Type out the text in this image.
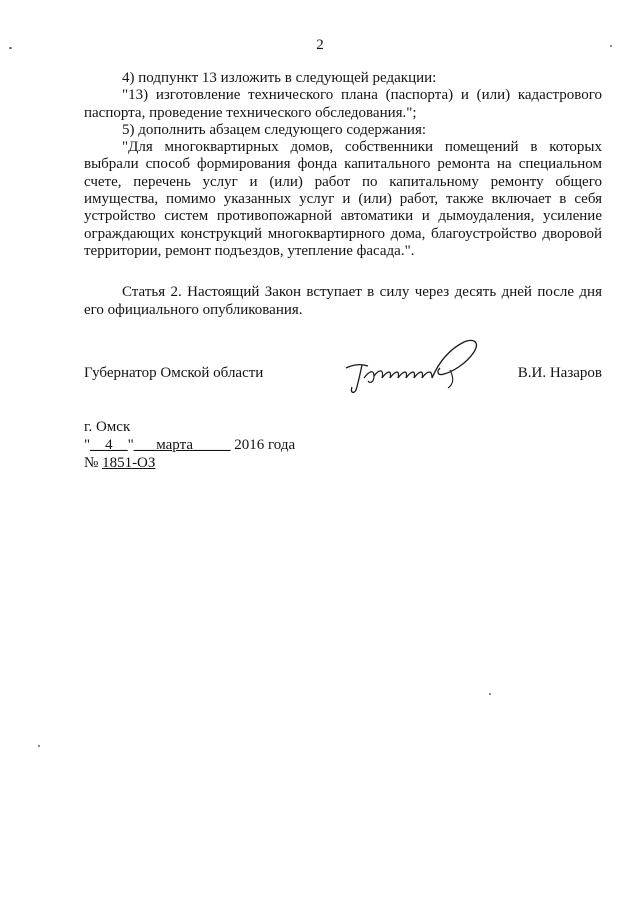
2

4) подпункт 13 изложить в следующей редакции:

"13) изготовление технического плана (паспорта) и (или) кадастрового паспорта, проведение технического обследования.";

5) дополнить абзацем следующего содержания:

"Для многоквартирных домов, собственники помещений в которых выбрали способ формирования фонда капитального ремонта на специальном счете, перечень услуг и (или) работ по капитальному ремонту общего имущества, помимо указанных услуг и (или) работ, также включает в себя устройство систем противопожарной автоматики и дымоудаления, усиление ограждающих конструкций многоквартирного дома, благоустройство дворовой территории, ремонт подъездов, утепление фасада.".

Статья 2. Настоящий Закон вступает в силу через десять дней после дня его официального опубликования.

Губернатор Омской области	В.И. Назаров
г. Омск
"__4__"___марта_____ 2016 года
№ 1851-ОЗ
